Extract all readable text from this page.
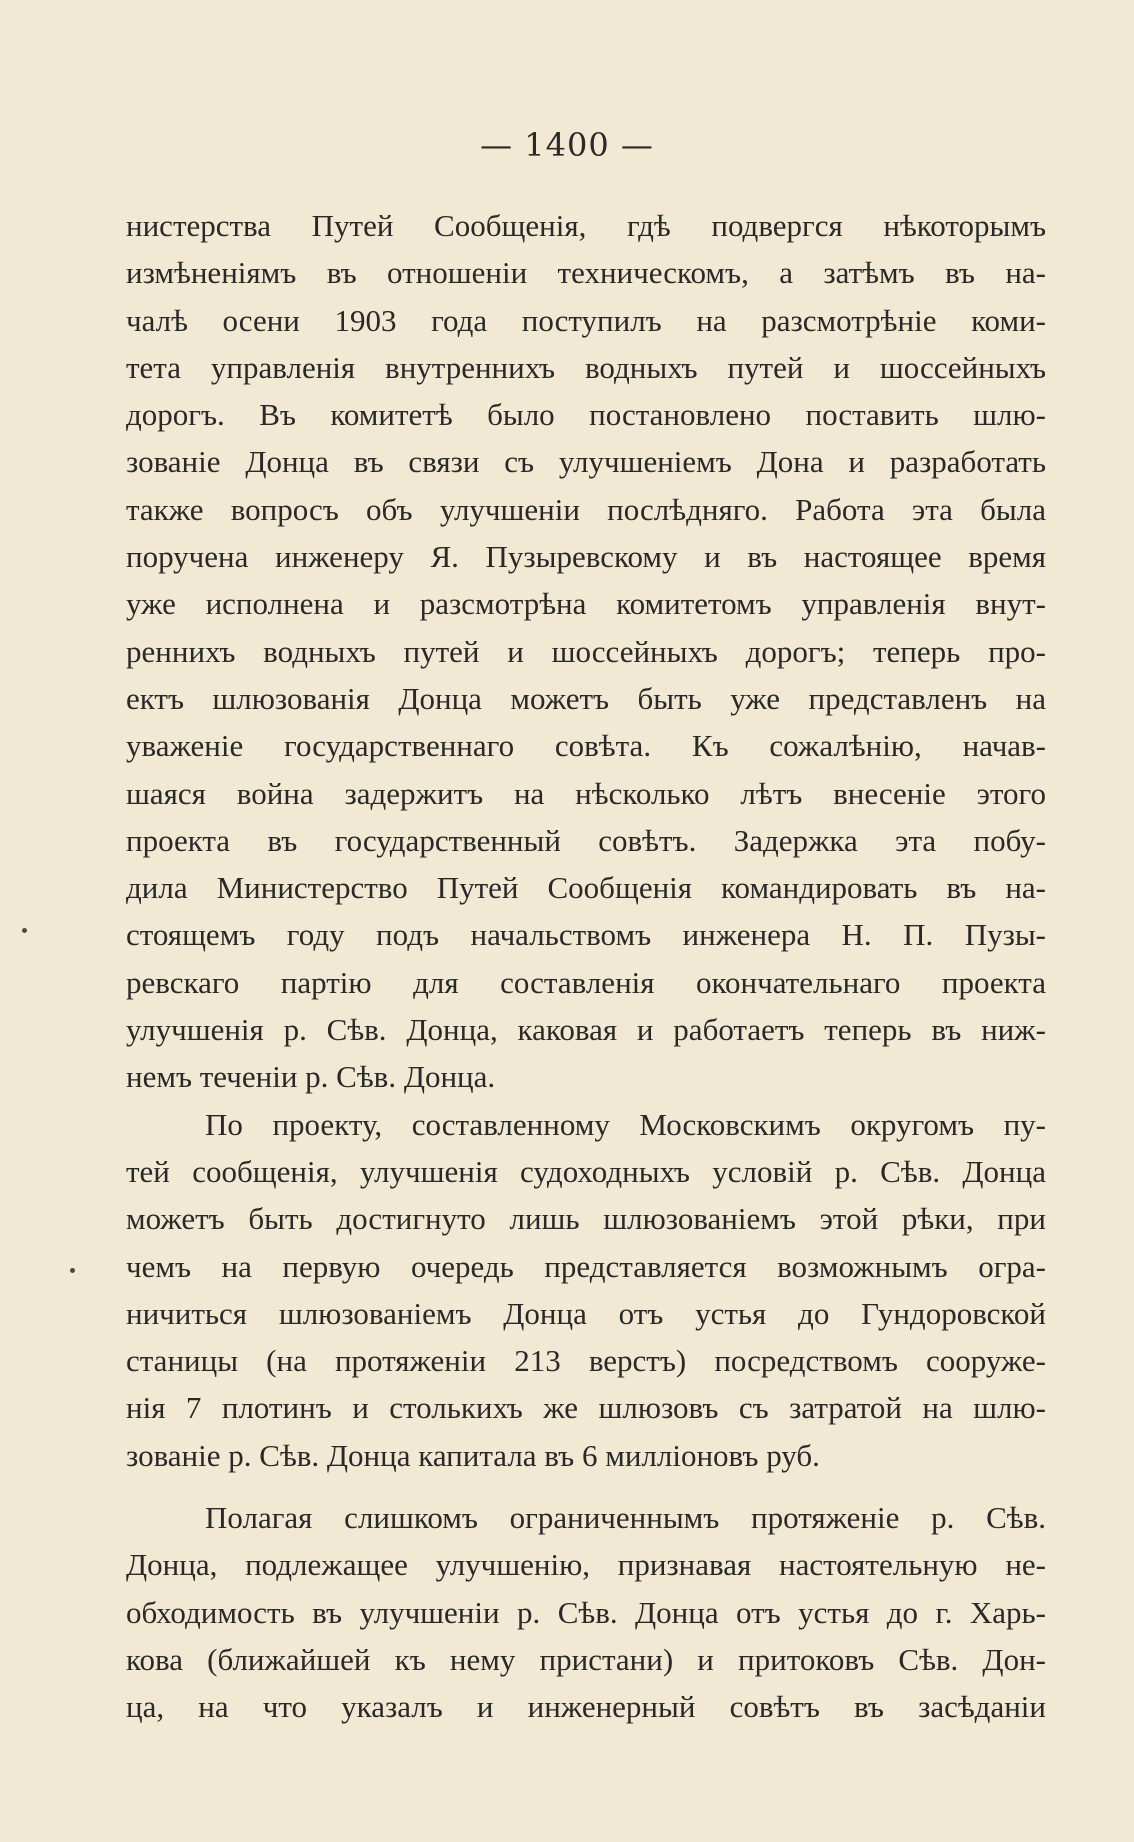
— 1400 —
нистерства Путей Сообщенія, гдѣ подвергся нѣкоторымъ
измѣненіямъ въ отношеніи техническомъ, а затѣмъ въ на-
чалѣ осени 1903 года поступилъ на разсмотрѣніе коми-
тета управленія внутреннихъ водныхъ путей и шоссейныхъ
дорогъ. Въ комитетѣ было постановлено поставить шлю-
зованіе Донца въ связи съ улучшеніемъ Дона и разработать
также вопросъ объ улучшеніи послѣдняго. Работа эта была
поручена инженеру Я. Пузыревскому и въ настоящее время
уже исполнена и разсмотрѣна комитетомъ управленія внут-
реннихъ водныхъ путей и шоссейныхъ дорогъ; теперь про-
ектъ шлюзованія Донца можетъ быть уже представленъ на
уваженіе государственнаго совѣта. Къ сожалѣнію, начав-
шаяся война задержитъ на нѣсколько лѣтъ внесеніе этого
проекта въ государственный совѣтъ. Задержка эта побу-
дила Министерство Путей Сообщенія командировать въ на-
стоящемъ году подъ начальствомъ инженера Н. П. Пузы-
ревскаго партію для составленія окончательнаго проекта
улучшенія р. Сѣв. Донца, каковая и работаетъ теперь въ ниж-
немъ теченіи р. Сѣв. Донца.
По проекту, составленному Московскимъ округомъ пу-
тей сообщенія, улучшенія судоходныхъ условій р. Сѣв. Донца
можетъ быть достигнуто лишь шлюзованіемъ этой рѣки, при
чемъ на первую очередь представляется возможнымъ огра-
ничиться шлюзованіемъ Донца отъ устья до Гундоровской
станицы (на протяженіи 213 верстъ) посредствомъ сооруже-
нія 7 плотинъ и столькихъ же шлюзовъ съ затратой на шлю-
зованіе р. Сѣв. Донца капитала въ 6 милліоновъ руб.
Полагая слишкомъ ограниченнымъ протяженіе р. Сѣв.
Донца, подлежащее улучшенію, признавая настоятельную не-
обходимость въ улучшеніи р. Сѣв. Донца отъ устья до г. Харь-
кова (ближайшей къ нему пристани) и притоковъ Сѣв. Дон-
ца, на что указалъ и инженерный совѣтъ въ засѣданіи
